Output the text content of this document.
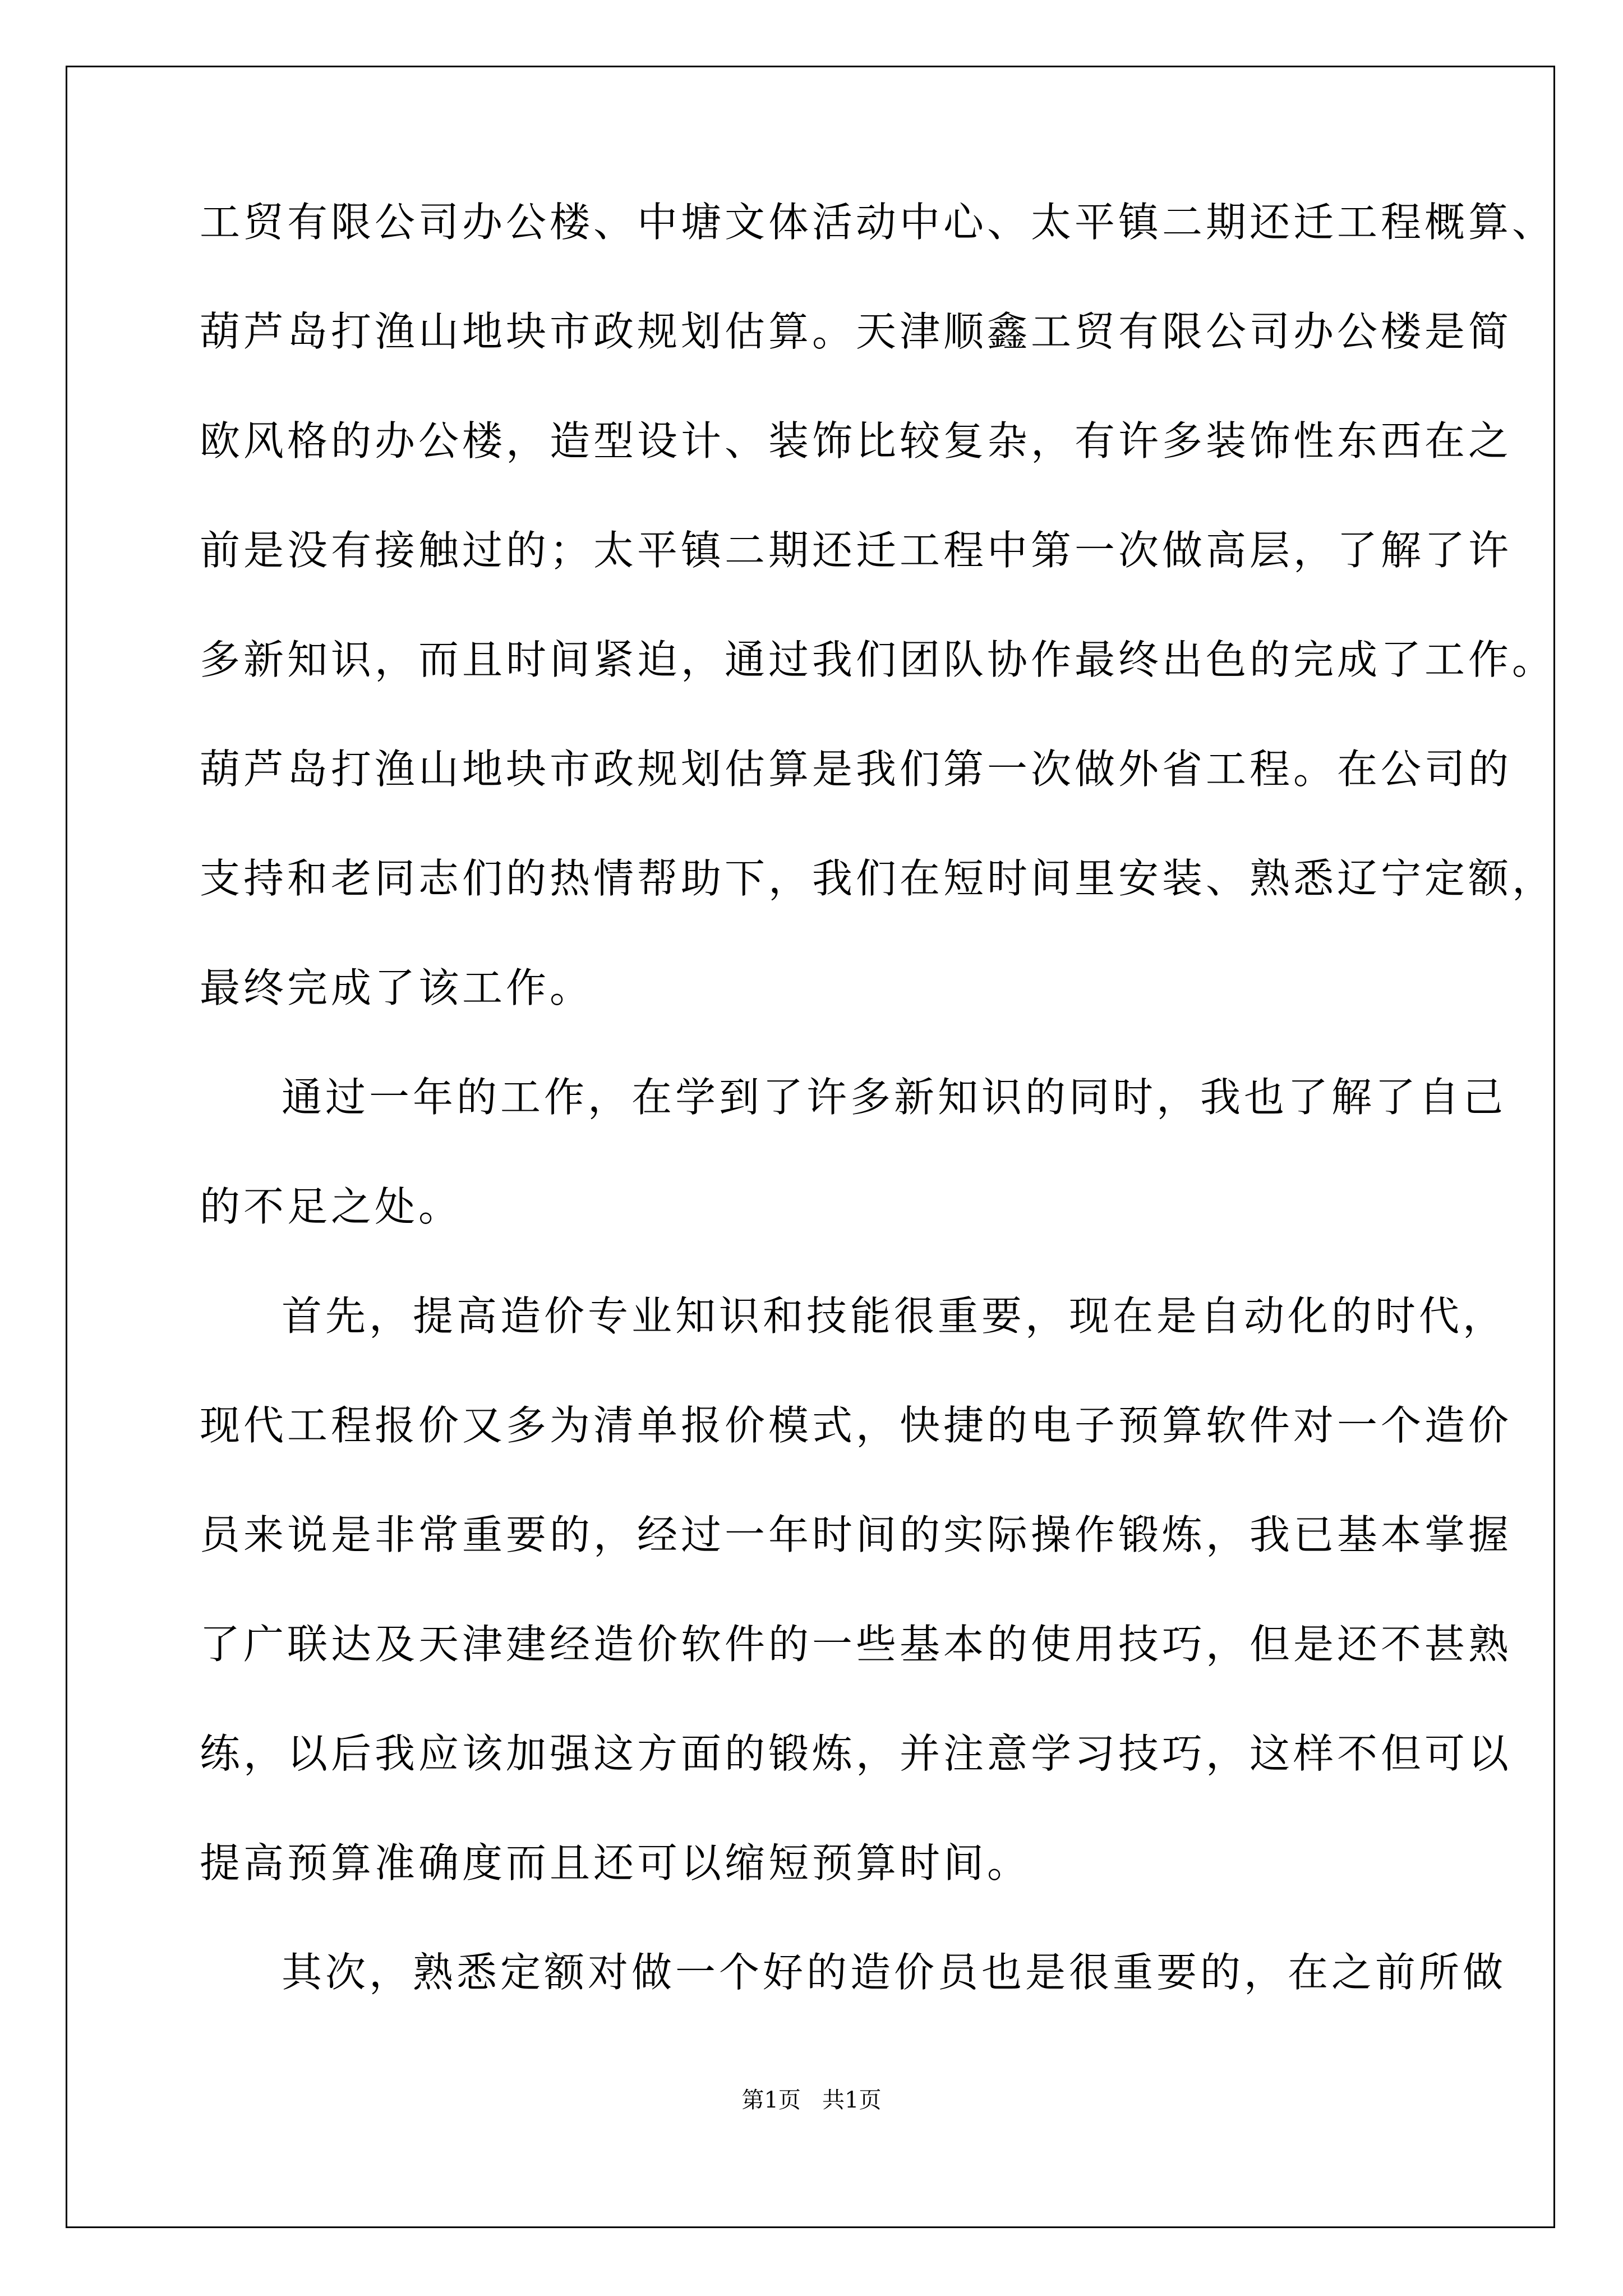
工贸有限公司办公楼、中塘文体活动中心、太平镇二期还迁工程概算、
葫芦岛打渔山地块市政规划估算。天津顺鑫工贸有限公司办公楼是简
欧风格的办公楼，造型设计、装饰比较复杂，有许多装饰性东西在之
前是没有接触过的；太平镇二期还迁工程中第一次做高层，了解了许
多新知识，而且时间紧迫，通过我们团队协作最终出色的完成了工作。
葫芦岛打渔山地块市政规划估算是我们第一次做外省工程。在公司的
支持和老同志们的热情帮助下，我们在短时间里安装、熟悉辽宁定额，
最终完成了该工作。
通过一年的工作，在学到了许多新知识的同时，我也了解了自己
的不足之处。
首先，提高造价专业知识和技能很重要，现在是自动化的时代，
现代工程报价又多为清单报价模式，快捷的电子预算软件对一个造价
员来说是非常重要的，经过一年时间的实际操作锻炼，我已基本掌握
了广联达及天津建经造价软件的一些基本的使用技巧，但是还不甚熟
练，以后我应该加强这方面的锻炼，并注意学习技巧，这样不但可以
提高预算准确度而且还可以缩短预算时间。
其次，熟悉定额对做一个好的造价员也是很重要的，在之前所做
第1页   共1页
